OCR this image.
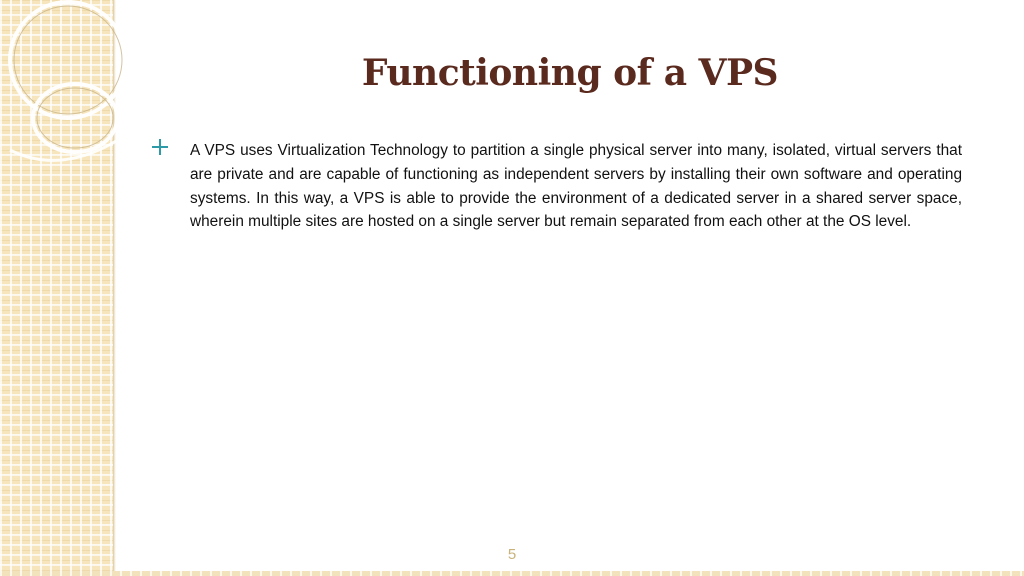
Functioning of a VPS

A VPS uses Virtualization Technology to partition a single physical server into many, isolated, virtual servers that are private and are capable of functioning as independent servers by installing their own software and operating systems. In this way, a VPS is able to provide the environment of a dedicated server in a shared server space, wherein multiple sites are hosted on a single server but remain separated from each other at the OS level.

5
